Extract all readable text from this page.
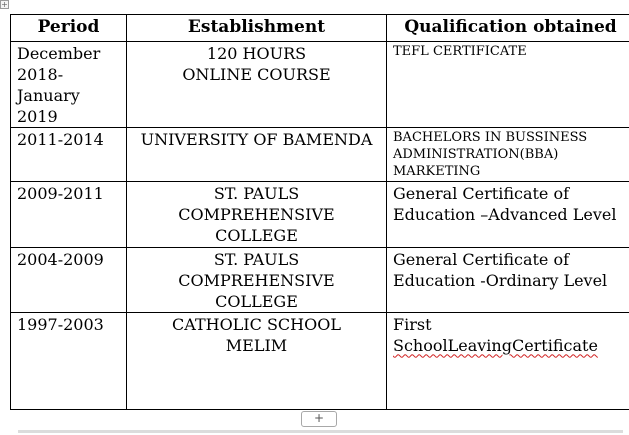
+
Period	Establishment	Qualification obtained
December 2018-January 2019	120 HOURS ONLINE COURSE	TEFL CERTIFICATE
2011-2014	UNIVERSITY OF BAMENDA	BACHELORS IN BUSSINESS ADMINISTRATION(BBA) MARKETING
2009-2011	ST. PAULS COMPREHENSIVE COLLEGE	General Certificate of Education –Advanced Level
2004-2009	ST. PAULS COMPREHENSIVE COLLEGE	General Certificate of Education -Ordinary Level
1997-2003	CATHOLIC SCHOOL MELIM	First
SchoolLeavingCertificate
+
